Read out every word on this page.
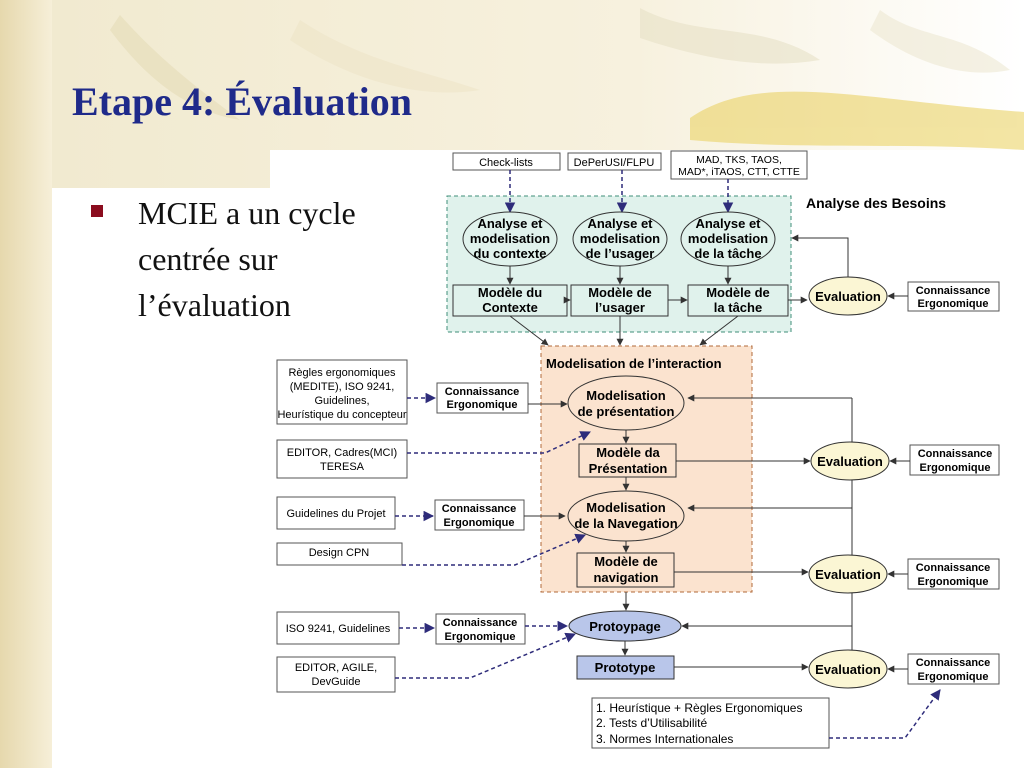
Etape 4: Évaluation
MCIE a un cycle
centrée sur
l’évaluation
Check-lists	DePerUSI/FLPU	MAD, TKS, TAOS,
MAD*, iTAOS, CTT, CTTE
Analyse des Besoins
Analyse et
modelisation
du contexte
Analyse et
modelisation
de l’usager
Analyse et
modelisation
de la tâche
Modèle du
Contexte
Modèle de
l’usager
Modèle de
la tâche
Evaluation	Connaissance
Ergonomique
Modelisation de l’interaction
Règles ergonomiques
(MEDITE), ISO 9241,
Guidelines,
Heurístique du concepteur
Connaissance
Ergonomique
Modelisation
de présentation
EDITOR, Cadres(MCI)
TERESA
Modèle da
Présentation	Evaluation	Connaissance
Ergonomique
Guidelines du Projet	Connaissance
Ergonomique
Modelisation
de la Navegation
Design CPN
Modèle de
navigation	Evaluation	Connaissance
Ergonomique
ISO 9241, Guidelines	Connaissance
Ergonomique
Protoypage
EDITOR, AGILE,
DevGuide
Prototype	Evaluation	Connaissance
Ergonomique
1. Heurístique + Règles Ergonomiques
2. Tests d’Utilisabilité
3. Normes Internationales
